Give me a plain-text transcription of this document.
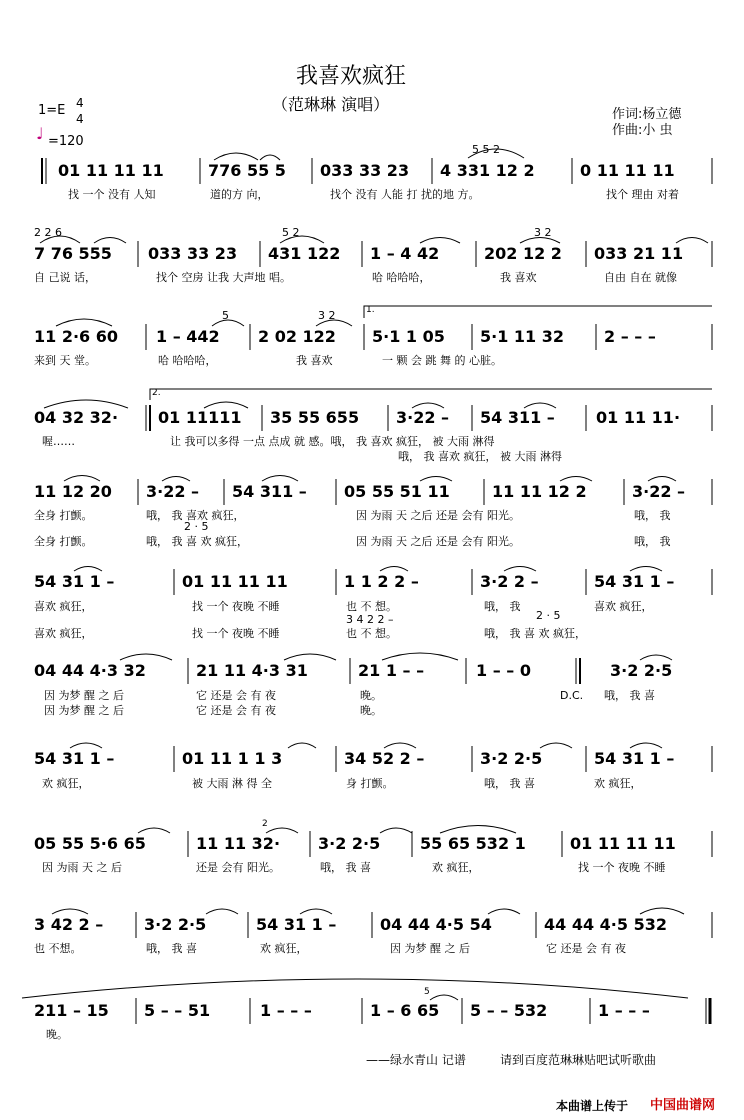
我喜欢疯狂
（范琳琳 演唱）
1=E 4
4
♩ =120
作词:杨立德
作曲:小 虫
01 11 11 11	776 55 5 033 33 23 4 331 12 2	0 11 11 11
找 一个 没有 人知	道的方 向，	找个 没有 人能 打 扰的地 方。	找个 理由 对着
5 5 2
7 76 555 033 33 23 431 122 1 – 4 42	202 12 2 033 21 11
自 己说 话，	找个 空房 让我 大声地 唱。	哈 哈哈哈，	我 喜欢	自由 自在 就像
2 2 6	5 2	3 2
11 2·6 60 1 – 442 2 02 122 5·1 1 05 5·1 11 32 2 – – –
来到 天 堂。	哈 哈哈哈，	我 喜欢	一 颗 会 跳 舞 的 心脏。
1.
5	3 2
04 32 32· 01 11111 35 55 655 3·22 – 54 311 –	01 11 11·
喔……	让 我可以多得 一点 点成 就 感。哦， 我 喜欢 疯狂， 被 大雨 淋得
哦， 我 喜欢 疯狂， 被 大雨 淋得
2.
11 12 20 3·22 – 54 311 – 05 55 51 11	11 11 12 2	3·22 –
全身 打颤。	哦， 我 喜欢 疯狂，	因 为雨 天 之后 还是 会有 阳光。	哦， 我
全身 打颤。	哦， 我 喜 欢 疯狂，	因 为雨 天 之后 还是 会有 阳光。	哦， 我
2 · 5
54 31 1 –	01 11 11 11	1 1 2 2 –	3·2 2 –	54 31 1 –
喜欢 疯狂，	找 一个 夜晚 不睡	也 不 想。	哦， 我	喜欢 疯狂，
喜欢 疯狂，	找 一个 夜晚 不睡	也 不 想。	哦， 我 喜 欢 疯狂，
3 4 2 2 –	2 · 5
04 44 4·3 32	21 11 4·3 31	21 1 – –	1 – – 0	3·2 2·5
因 为梦 醒 之 后	它 还是 会 有 夜	晚。	D.C. 哦， 我 喜
因 为梦 醒 之 后	它 还是 会 有 夜	晚。
54 31 1 –	01 11 1 1 3	34 52 2 –	3·2 2·5	54 31 1 –
欢 疯狂，	被 大雨 淋 得 全	身 打颤。	哦， 我 喜	欢 疯狂，
05 55 5·6 65	11 11 32· 3·2 2·5 55 65 532 1	01 11 11 11
因 为雨 天 之 后	还是 会有 阳光。	哦， 我 喜	欢 疯狂，	找 一个 夜晚 不睡
2
3 42 2 –	3·2 2·5	54 31 1 –	04 44 4·5 54	44 44 4·5 532
也 不想。	哦， 我 喜	欢 疯狂，	因 为梦 醒 之 后	它 还是 会 有 夜
211 – 15 5 – – 51	1 – – –	1 – 6 65 5 – – 532	1 – – –
晚。
5
——绿水青山 记谱	请到百度范琳琳贴吧试听歌曲
本曲谱上传于 中国曲谱网
